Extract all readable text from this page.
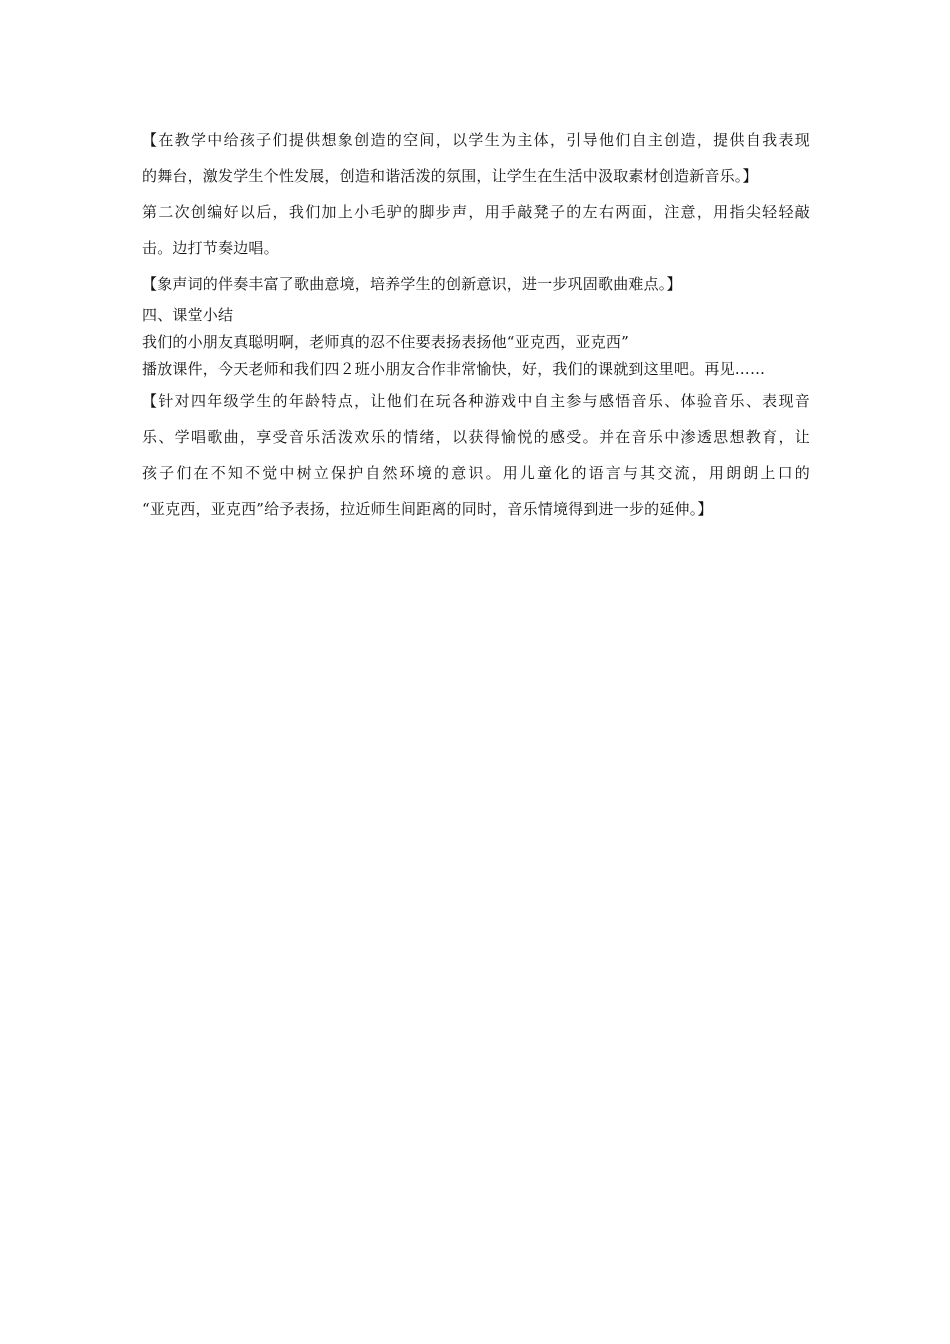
【在教学中给孩子们提供想象创造的空间，以学生为主体，引导他们自主创造，提供自我表现
的舞台，激发学生个性发展，创造和谐活泼的氛围，让学生在生活中汲取素材创造新音乐。】
第二次创编好以后，我们加上小毛驴的脚步声，用手敲凳子的左右两面，注意，用指尖轻轻敲
击。边打节奏边唱。
【象声词的伴奏丰富了歌曲意境，培养学生的创新意识，进一步巩固歌曲难点。】
四、课堂小结
我们的小朋友真聪明啊，老师真的忍不住要表扬表扬他“亚克西，亚克西”
播放课件，今天老师和我们四２班小朋友合作非常愉快，好，我们的课就到这里吧。再见……
【针对四年级学生的年龄特点，让他们在玩各种游戏中自主参与感悟音乐、体验音乐、表现音
乐、学唱歌曲，享受音乐活泼欢乐的情绪，以获得愉悦的感受。并在音乐中渗透思想教育，让
孩子们在不知不觉中树立保护自然环境的意识。用儿童化的语言与其交流，用朗朗上口的
“亚克西，亚克西”给予表扬，拉近师生间距离的同时，音乐情境得到进一步的延伸。】
